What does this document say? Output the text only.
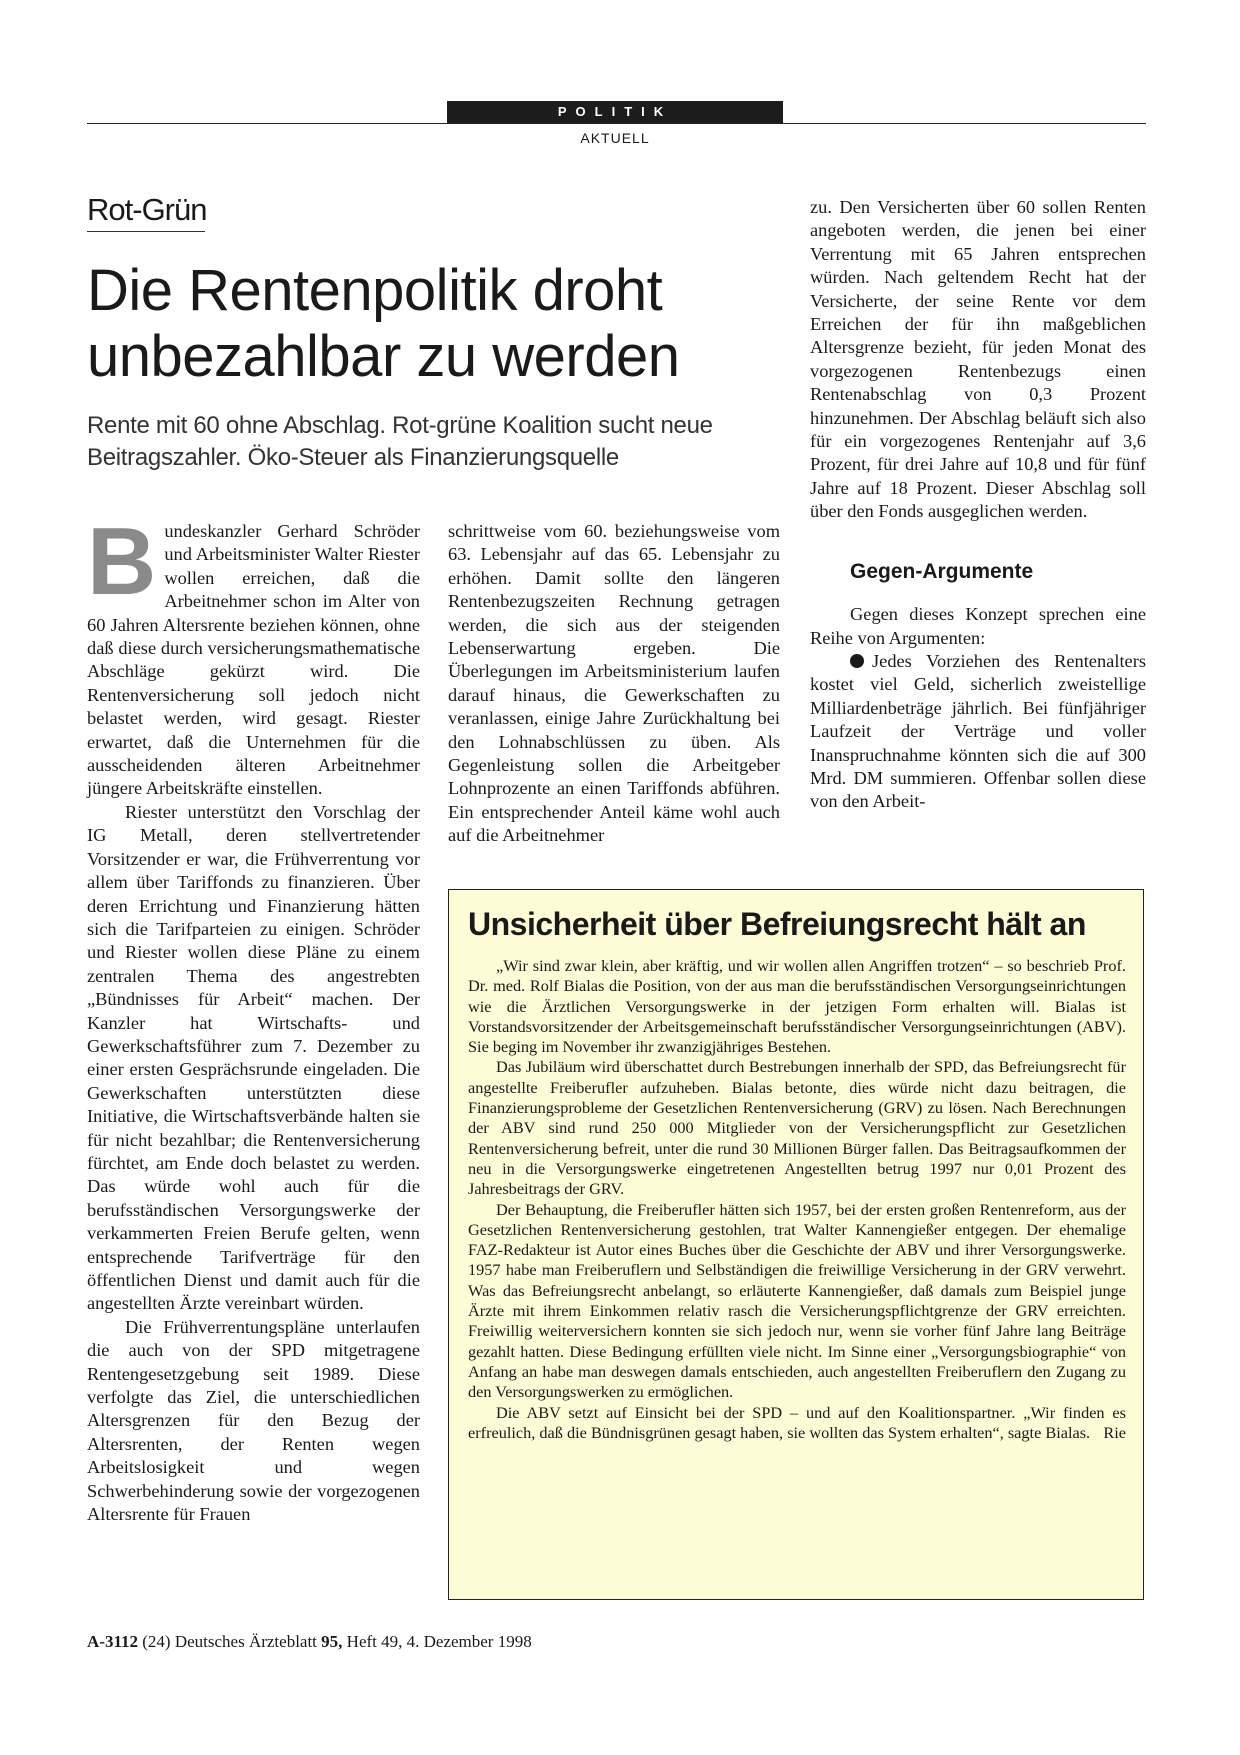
POLITIK
AKTUELL
Rot-Grün
Die Rentenpolitik droht unbezahlbar zu werden

Rente mit 60 ohne Abschlag. Rot-grüne Koalition sucht neue Beitragszahler. Öko-Steuer als Finanzierungsquelle

Bundeskanzler Gerhard Schröder und Arbeitsminister Walter Riester wollen erreichen, daß die Arbeitnehmer schon im Alter von 60 Jahren Altersrente beziehen können, ohne daß diese durch versicherungsmathematische Abschläge gekürzt wird. Die Rentenversicherung soll jedoch nicht belastet werden, wird gesagt. Riester erwartet, daß die Unternehmen für die ausscheidenden älteren Arbeitnehmer jüngere Arbeitskräfte einstellen.

Riester unterstützt den Vorschlag der IG Metall, deren stellvertretender Vorsitzender er war, die Frühverrentung vor allem über Tariffonds zu finanzieren. Über deren Errichtung und Finanzierung hätten sich die Tarifparteien zu einigen. Schröder und Riester wollen diese Pläne zu einem zentralen Thema des angestrebten „Bündnisses für Arbeit“ machen. Der Kanzler hat Wirtschafts- und Gewerkschaftsführer zum 7. Dezember zu einer ersten Gesprächsrunde eingeladen. Die Gewerkschaften unterstützten diese Initiative, die Wirtschaftsverbände halten sie für nicht bezahlbar; die Rentenversicherung fürchtet, am Ende doch belastet zu werden. Das würde wohl auch für die berufsständischen Versorgungswerke der verkammerten Freien Berufe gelten, wenn entsprechende Tarifverträge für den öffentlichen Dienst und damit auch für die angestellten Ärzte vereinbart würden.

Die Frühverrentungspläne unterlaufen die auch von der SPD mitgetragene Rentengesetzgebung seit 1989. Diese verfolgte das Ziel, die unterschiedlichen Altersgrenzen für den Bezug der Altersrenten, der Renten wegen Arbeitslosigkeit und wegen Schwerbehinderung sowie der vorgezogenen Altersrente für Frauen

schrittweise vom 60. beziehungsweise vom 63. Lebensjahr auf das 65. Lebensjahr zu erhöhen. Damit sollte den längeren Rentenbezugszeiten Rechnung getragen werden, die sich aus der steigenden Lebenserwartung ergeben. Die Überlegungen im Arbeitsministerium laufen darauf hinaus, die Gewerkschaften zu veranlassen, einige Jahre Zurückhaltung bei den Lohnabschlüssen zu üben. Als Gegenleistung sollen die Arbeitgeber Lohnprozente an einen Tariffonds abführen. Ein entsprechender Anteil käme wohl auch auf die Arbeitnehmer

zu. Den Versicherten über 60 sollen Renten angeboten werden, die jenen bei einer Verrentung mit 65 Jahren entsprechen würden. Nach geltendem Recht hat der Versicherte, der seine Rente vor dem Erreichen der für ihn maßgeblichen Altersgrenze bezieht, für jeden Monat des vorgezogenen Rentenbezugs einen Rentenabschlag von 0,3 Prozent hinzunehmen. Der Abschlag beläuft sich also für ein vorgezogenes Rentenjahr auf 3,6 Prozent, für drei Jahre auf 10,8 und für fünf Jahre auf 18 Prozent. Dieser Abschlag soll über den Fonds ausgeglichen werden.

Gegen-Argumente

Gegen dieses Konzept sprechen eine Reihe von Argumenten:

Jedes Vorziehen des Rentenalters kostet viel Geld, sicherlich zweistellige Milliardenbeträge jährlich. Bei fünfjähriger Laufzeit der Verträge und voller Inanspruchnahme könnten sich die auf 300 Mrd. DM summieren. Offenbar sollen diese von den Arbeit-

Unsicherheit über Befreiungsrecht hält an

„Wir sind zwar klein, aber kräftig, und wir wollen allen Angriffen trotzen“ – so beschrieb Prof. Dr. med. Rolf Bialas die Position, von der aus man die berufsständischen Versorgungseinrichtungen wie die Ärztlichen Versorgungswerke in der jetzigen Form erhalten will. Bialas ist Vorstandsvorsitzender der Arbeitsgemeinschaft berufsständischer Versorgungseinrichtungen (ABV). Sie beging im November ihr zwanzigjähriges Bestehen.

Das Jubiläum wird überschattet durch Bestrebungen innerhalb der SPD, das Befreiungsrecht für angestellte Freiberufler aufzuheben. Bialas betonte, dies würde nicht dazu beitragen, die Finanzierungsprobleme der Gesetzlichen Rentenversicherung (GRV) zu lösen. Nach Berechnungen der ABV sind rund 250 000 Mitglieder von der Versicherungspflicht zur Gesetzlichen Rentenversicherung befreit, unter die rund 30 Millionen Bürger fallen. Das Beitragsaufkommen der neu in die Versorgungswerke eingetretenen Angestellten betrug 1997 nur 0,01 Prozent des Jahresbeitrags der GRV.

Der Behauptung, die Freiberufler hätten sich 1957, bei der ersten großen Rentenreform, aus der Gesetzlichen Rentenversicherung gestohlen, trat Walter Kannengießer entgegen. Der ehemalige FAZ-Redakteur ist Autor eines Buches über die Geschichte der ABV und ihrer Versorgungswerke. 1957 habe man Freiberuflern und Selbständigen die freiwillige Versicherung in der GRV verwehrt. Was das Befreiungsrecht anbelangt, so erläuterte Kannengießer, daß damals zum Beispiel junge Ärzte mit ihrem Einkommen relativ rasch die Versicherungspflichtgrenze der GRV erreichten. Freiwillig weiterversichern konnten sie sich jedoch nur, wenn sie vorher fünf Jahre lang Beiträge gezahlt hatten. Diese Bedingung erfüllten viele nicht. Im Sinne einer „Versorgungsbiographie“ von Anfang an habe man deswegen damals entschieden, auch angestellten Freiberuflern den Zugang zu den Versorgungswerken zu ermöglichen.

Die ABV setzt auf Einsicht bei der SPD – und auf den Koalitionspartner. „Wir finden es erfreulich, daß die Bündnisgrünen gesagt haben, sie wollten das System erhalten“, sagte Bialas. Rie
A-3112 (24) Deutsches Ärzteblatt 95, Heft 49, 4. Dezember 1998
